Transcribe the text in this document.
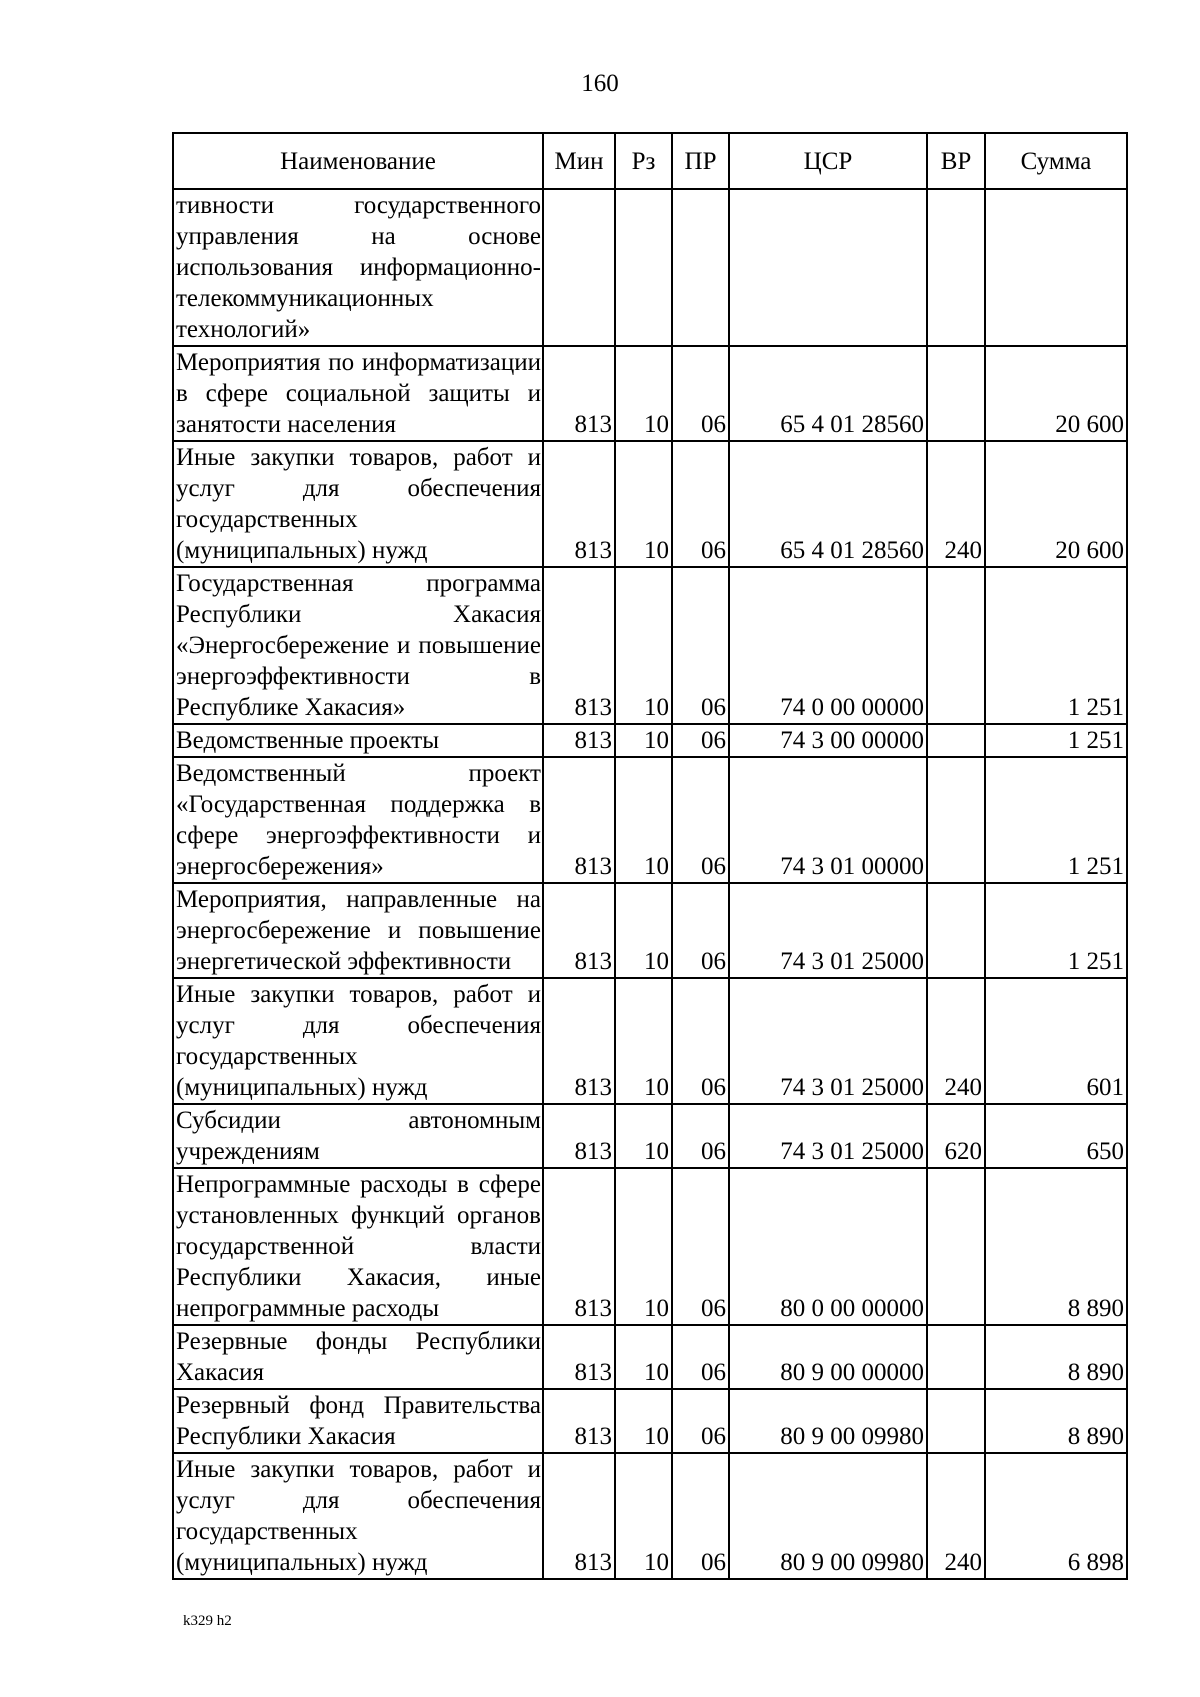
160
Наименование	Мин	Рз	ПР	ЦСР	ВР	Сумма
тивности государственного управления на основе использования информационно-телекоммуникационных технологий»						
Мероприятия по информатизации в сфере социальной защиты и занятости населения	813	10	06	65 4 01 28560		20 600
Иные закупки товаров, работ и услуг для обеспечения государственных (муниципальных) нужд	813	10	06	65 4 01 28560	240	20 600
Государственная программа Республики Хакасия «Энергосбережение и повышение энергоэффективности в Республике Хакасия»	813	10	06	74 0 00 00000		1 251
Ведомственные проекты	813	10	06	74 3 00 00000		1 251
Ведомственный проект «Государственная поддержка в сфере энергоэффективности и энергосбережения»	813	10	06	74 3 01 00000		1 251
Мероприятия, направленные на энергосбережение и повышение энергетической эффективности	813	10	06	74 3 01 25000		1 251
Иные закупки товаров, работ и услуг для обеспечения государственных (муниципальных) нужд	813	10	06	74 3 01 25000	240	601
Субсидии автономным учреждениям	813	10	06	74 3 01 25000	620	650
Непрограммные расходы в сфере установленных функций органов государственной власти Республики Хакасия, иные непрограммные расходы	813	10	06	80 0 00 00000		8 890
Резервные фонды Республики Хакасия	813	10	06	80 9 00 00000		8 890
Резервный фонд Правительства Республики Хакасия	813	10	06	80 9 00 09980		8 890
Иные закупки товаров, работ и услуг для обеспечения государственных (муниципальных) нужд	813	10	06	80 9 00 09980	240	6 898
k329 h2
